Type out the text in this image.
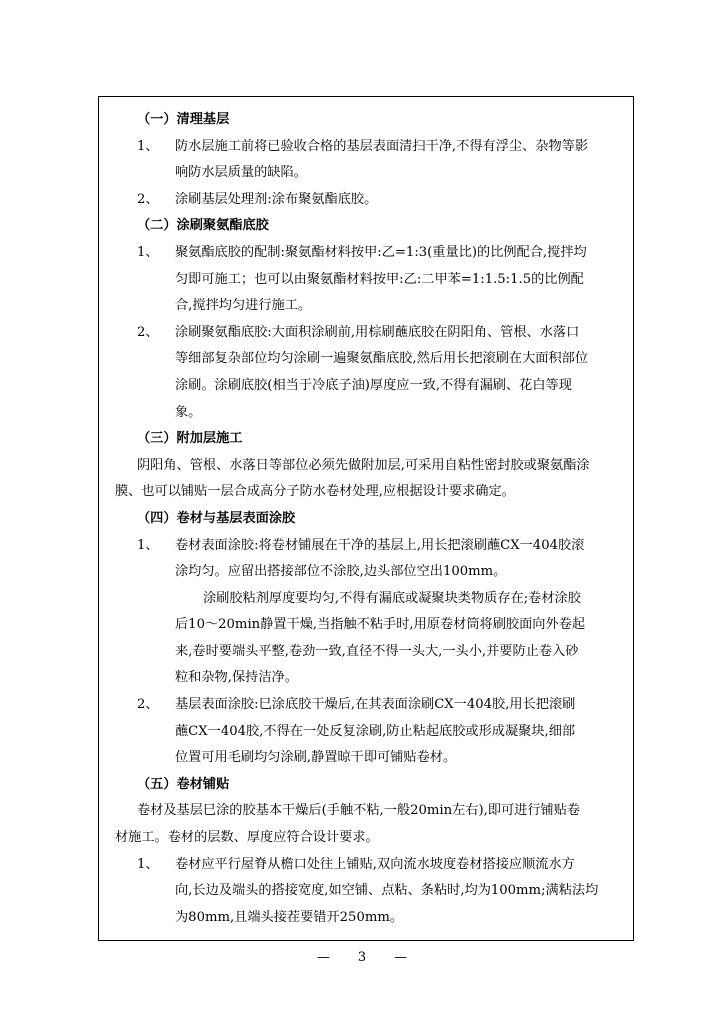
（一）清理基层
1、 防水层施工前将已验收合格的基层表面清扫干净,不得有浮尘、杂物等影
响防水层质量的缺陷。
2、 涂刷基层处理剂:涂布聚氨酯底胶。
（二）涂刷聚氨酯底胶
1、 聚氨酯底胶的配制:聚氨酯材料按甲:乙=1:3(重量比)的比例配合,搅拌均
匀即可施工；也可以由聚氨酯材料按甲:乙:二甲苯=1:1.5:1.5的比例配
合,搅拌均匀进行施工。
2、 涂刷聚氨酯底胶:大面积涂刷前,用棕刷蘸底胶在阴阳角、管根、水落口
等细部复杂部位均匀涂刷一遍聚氨酯底胶,然后用长把滚刷在大面积部位
涂刷。涂刷底胶(相当于冷底子油)厚度应一致,不得有漏刷、花白等现
象。
（三）附加层施工
阴阳角、管根、水落日等部位必须先做附加层,可采用自粘性密封胶或聚氨酯涂
膜、也可以铺贴一层合成高分子防水卷材处理,应根据设计要求确定。
（四）卷材与基层表面涂胶
1、 卷材表面涂胶:将卷材铺展在干净的基层上,用长把滚刷蘸CX一404胶滚
涂均匀。应留出搭接部位不涂胶,边头部位空出100mm。
涂刷胶粘剂厚度要均匀,不得有漏底或凝聚块类物质存在;卷材涂胶
后10～20min静置干燥,当指触不粘手时,用原卷材筒将刷胶面向外卷起
来,卷时要端头平整,卷劲一致,直径不得一头大,一头小,并要防止卷入砂
粒和杂物,保持洁净。
2、 基层表面涂胶:巳涂底胶干燥后,在其表面涂刷CX一404胶,用长把滚刷
蘸CX一404胶,不得在一处反复涂刷,防止粘起底胶或形成凝聚块,细部
位置可用毛刷均匀涂刷,静置晾干即可铺贴卷材。
（五）卷材铺贴
卷材及基层巳涂的胶基本干燥后(手触不粘,一般20min左右),即可进行铺贴卷
材施工。卷材的层数、厚度应符合设计要求。
1、 卷材应平行屋脊从檐口处往上铺贴,双向流水坡度卷材搭接应顺流水方
向,长边及端头的搭接宽度,如空铺、点粘、条粘时,均为100mm;满粘法均
为80mm,且端头接茬要错开250mm。
— 3 —
